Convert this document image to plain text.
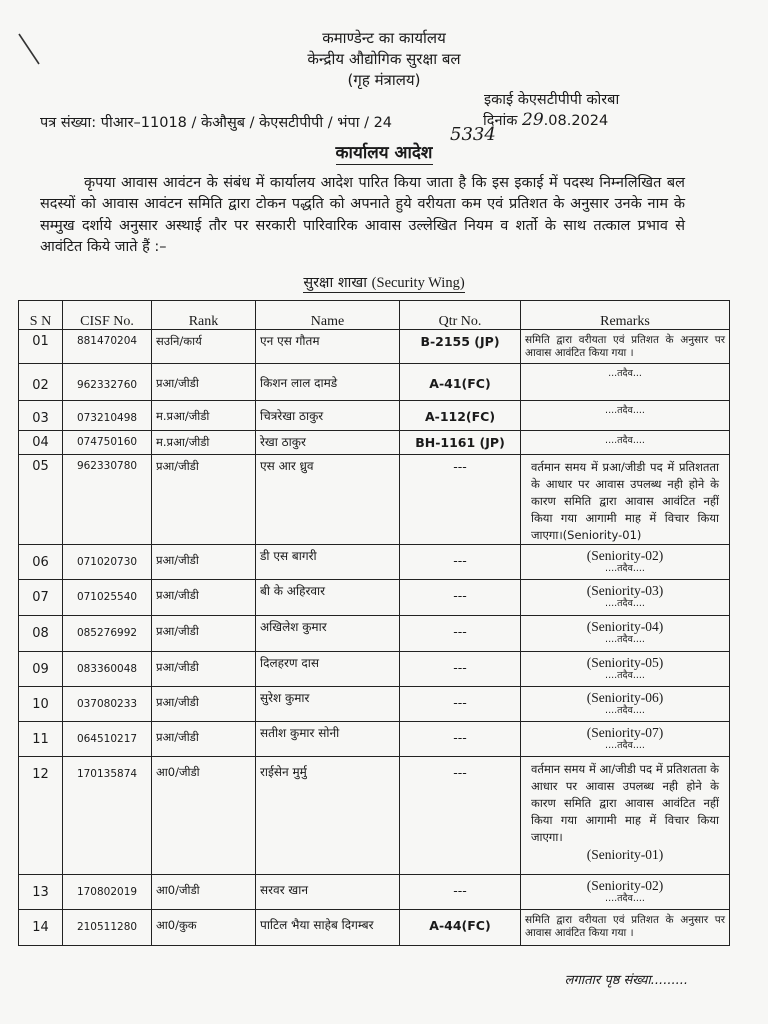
कमाण्डेन्ट का कार्यालय
केन्द्रीय औद्योगिक सुरक्षा बल
(गृह मंत्रालय)
इकाई केएसटीपीपी कोरबा
पत्र संख्या: पीआर–11018 / केऔसुब / केएसटीपीपी / भंपा / 24	दिनांक 29.08.2024
5334
कार्यालय आदेश
कृपया आवास आवंटन के संबंध में कार्यालय आदेश पारित किया जाता है कि इस इकाई में पदस्थ निम्नलिखित बल सदस्यों को आवास आवंटन समिति द्वारा टोकन पद्धति को अपनाते हुये वरीयता कम एवं प्रतिशत के अनुसार उनके नाम के सम्मुख दर्शाये अनुसार अस्थाई तौर पर सरकारी पारिवारिक आवास उल्लेखित नियम व शर्तो के साथ तत्काल प्रभाव से आवंटित किये जाते हैं :–
सुरक्षा शाखा (Security Wing)
S N	CISF No.	Rank	Name	Qtr No.	Remarks
01	881470204	सउनि/कार्य	एन एस गौतम	B-2155 (JP)	समिति द्वारा वरीयता एवं प्रतिशत के अनुसार पर आवास आवंटित किया गया ।

02	962332760	प्रआ/जीडी	किशन लाल दामडे	A-41(FC)	...तदैव...

03	073210498	म.प्रआ/जीडी	चित्ररेखा ठाकुर	A-112(FC)	....तदैव....

04	074750160	म.प्रआ/जीडी	रेखा ठाकुर	BH-1161 (JP)	....तदैव....

05	962330780	प्रआ/जीडी	एस आर ध्रुव	---	वर्तमान समय में प्रआ/जीडी पद में प्रतिशतता के आधार पर आवास उपलब्ध नही होने के कारण समिति द्वारा आवास आवंटित नहीं किया गया आगामी माह में विचार किया जाएगा।(Seniority-01)

06	071020730	प्रआ/जीडी	डी एस बागरी	---	(Seniority-02)
....तदैव....

07	071025540	प्रआ/जीडी	बी के अहिरवार	---	(Seniority-03)
....तदैव....

08	085276992	प्रआ/जीडी	अखिलेश कुमार	---	(Seniority-04)
....तदैव....

09	083360048	प्रआ/जीडी	दिलहरण दास	---	(Seniority-05)
....तदैव....

10	037080233	प्रआ/जीडी	सुरेश कुमार	---	(Seniority-06)
....तदैव....

11	064510217	प्रआ/जीडी	सतीश कुमार सोनी	---	(Seniority-07)
....तदैव....

12	170135874	आ0/जीडी	राईसेन मुर्मु	---	वर्तमान समय में आ/जीडी पद में प्रतिशतता के आधार पर आवास उपलब्ध नही होने के कारण समिति द्वारा आवास आवंटित नहीं किया गया आगामी माह में विचार किया जाएगा।
(Seniority-01)

13	170802019	आ0/जीडी	सरवर खान	---	(Seniority-02)
....तदैव....

14	210511280	आ0/कुक	पाटिल भैया साहेब दिगम्बर	A-44(FC)	समिति द्वारा वरीयता एवं प्रतिशत के अनुसार पर आवास आवंटित किया गया ।
लगातार पृष्ठ संख्या.........
